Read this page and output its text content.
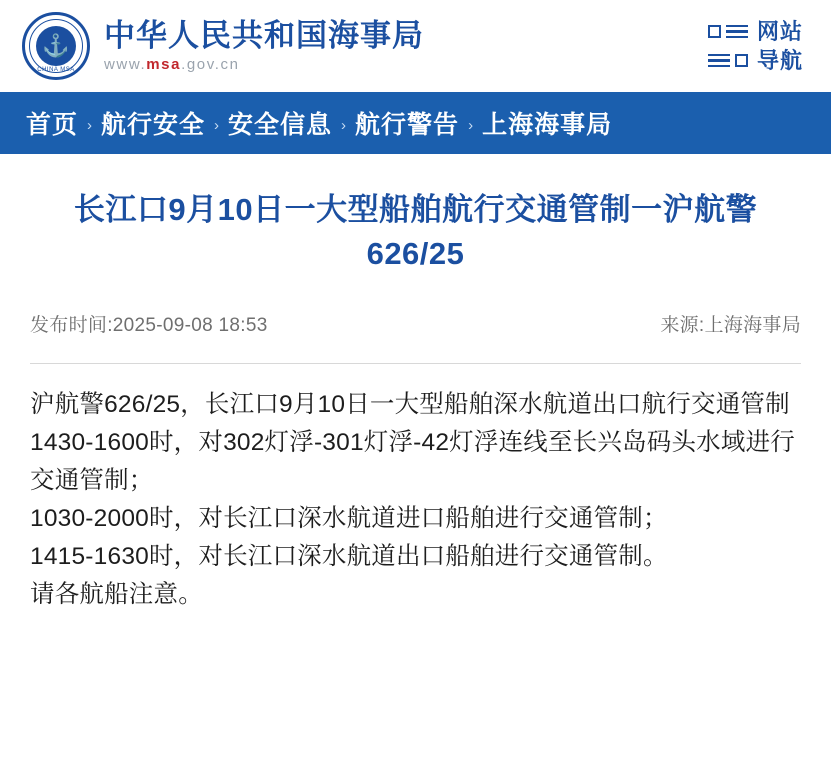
⚓
CHINA MSA
中华人民共和国海事局
www.msa.gov.cn
网站
导航
首页 › 航行安全 › 安全信息 › 航行警告 › 上海海事局
长江口9月10日一大型船舶航行交通管制一沪航警626/25
发布时间:2025-09-08 18:53	来源:上海海事局

沪航警626/25，长江口9月10日一大型船舶深水航道出口航行交通管制

1430-1600时，对302灯浮-301灯浮-42灯浮连线至长兴岛码头水域进行交通管制；

1030-2000时，对长江口深水航道进口船舶进行交通管制；

1415-1630时，对长江口深水航道出口船舶进行交通管制。

请各航船注意。
